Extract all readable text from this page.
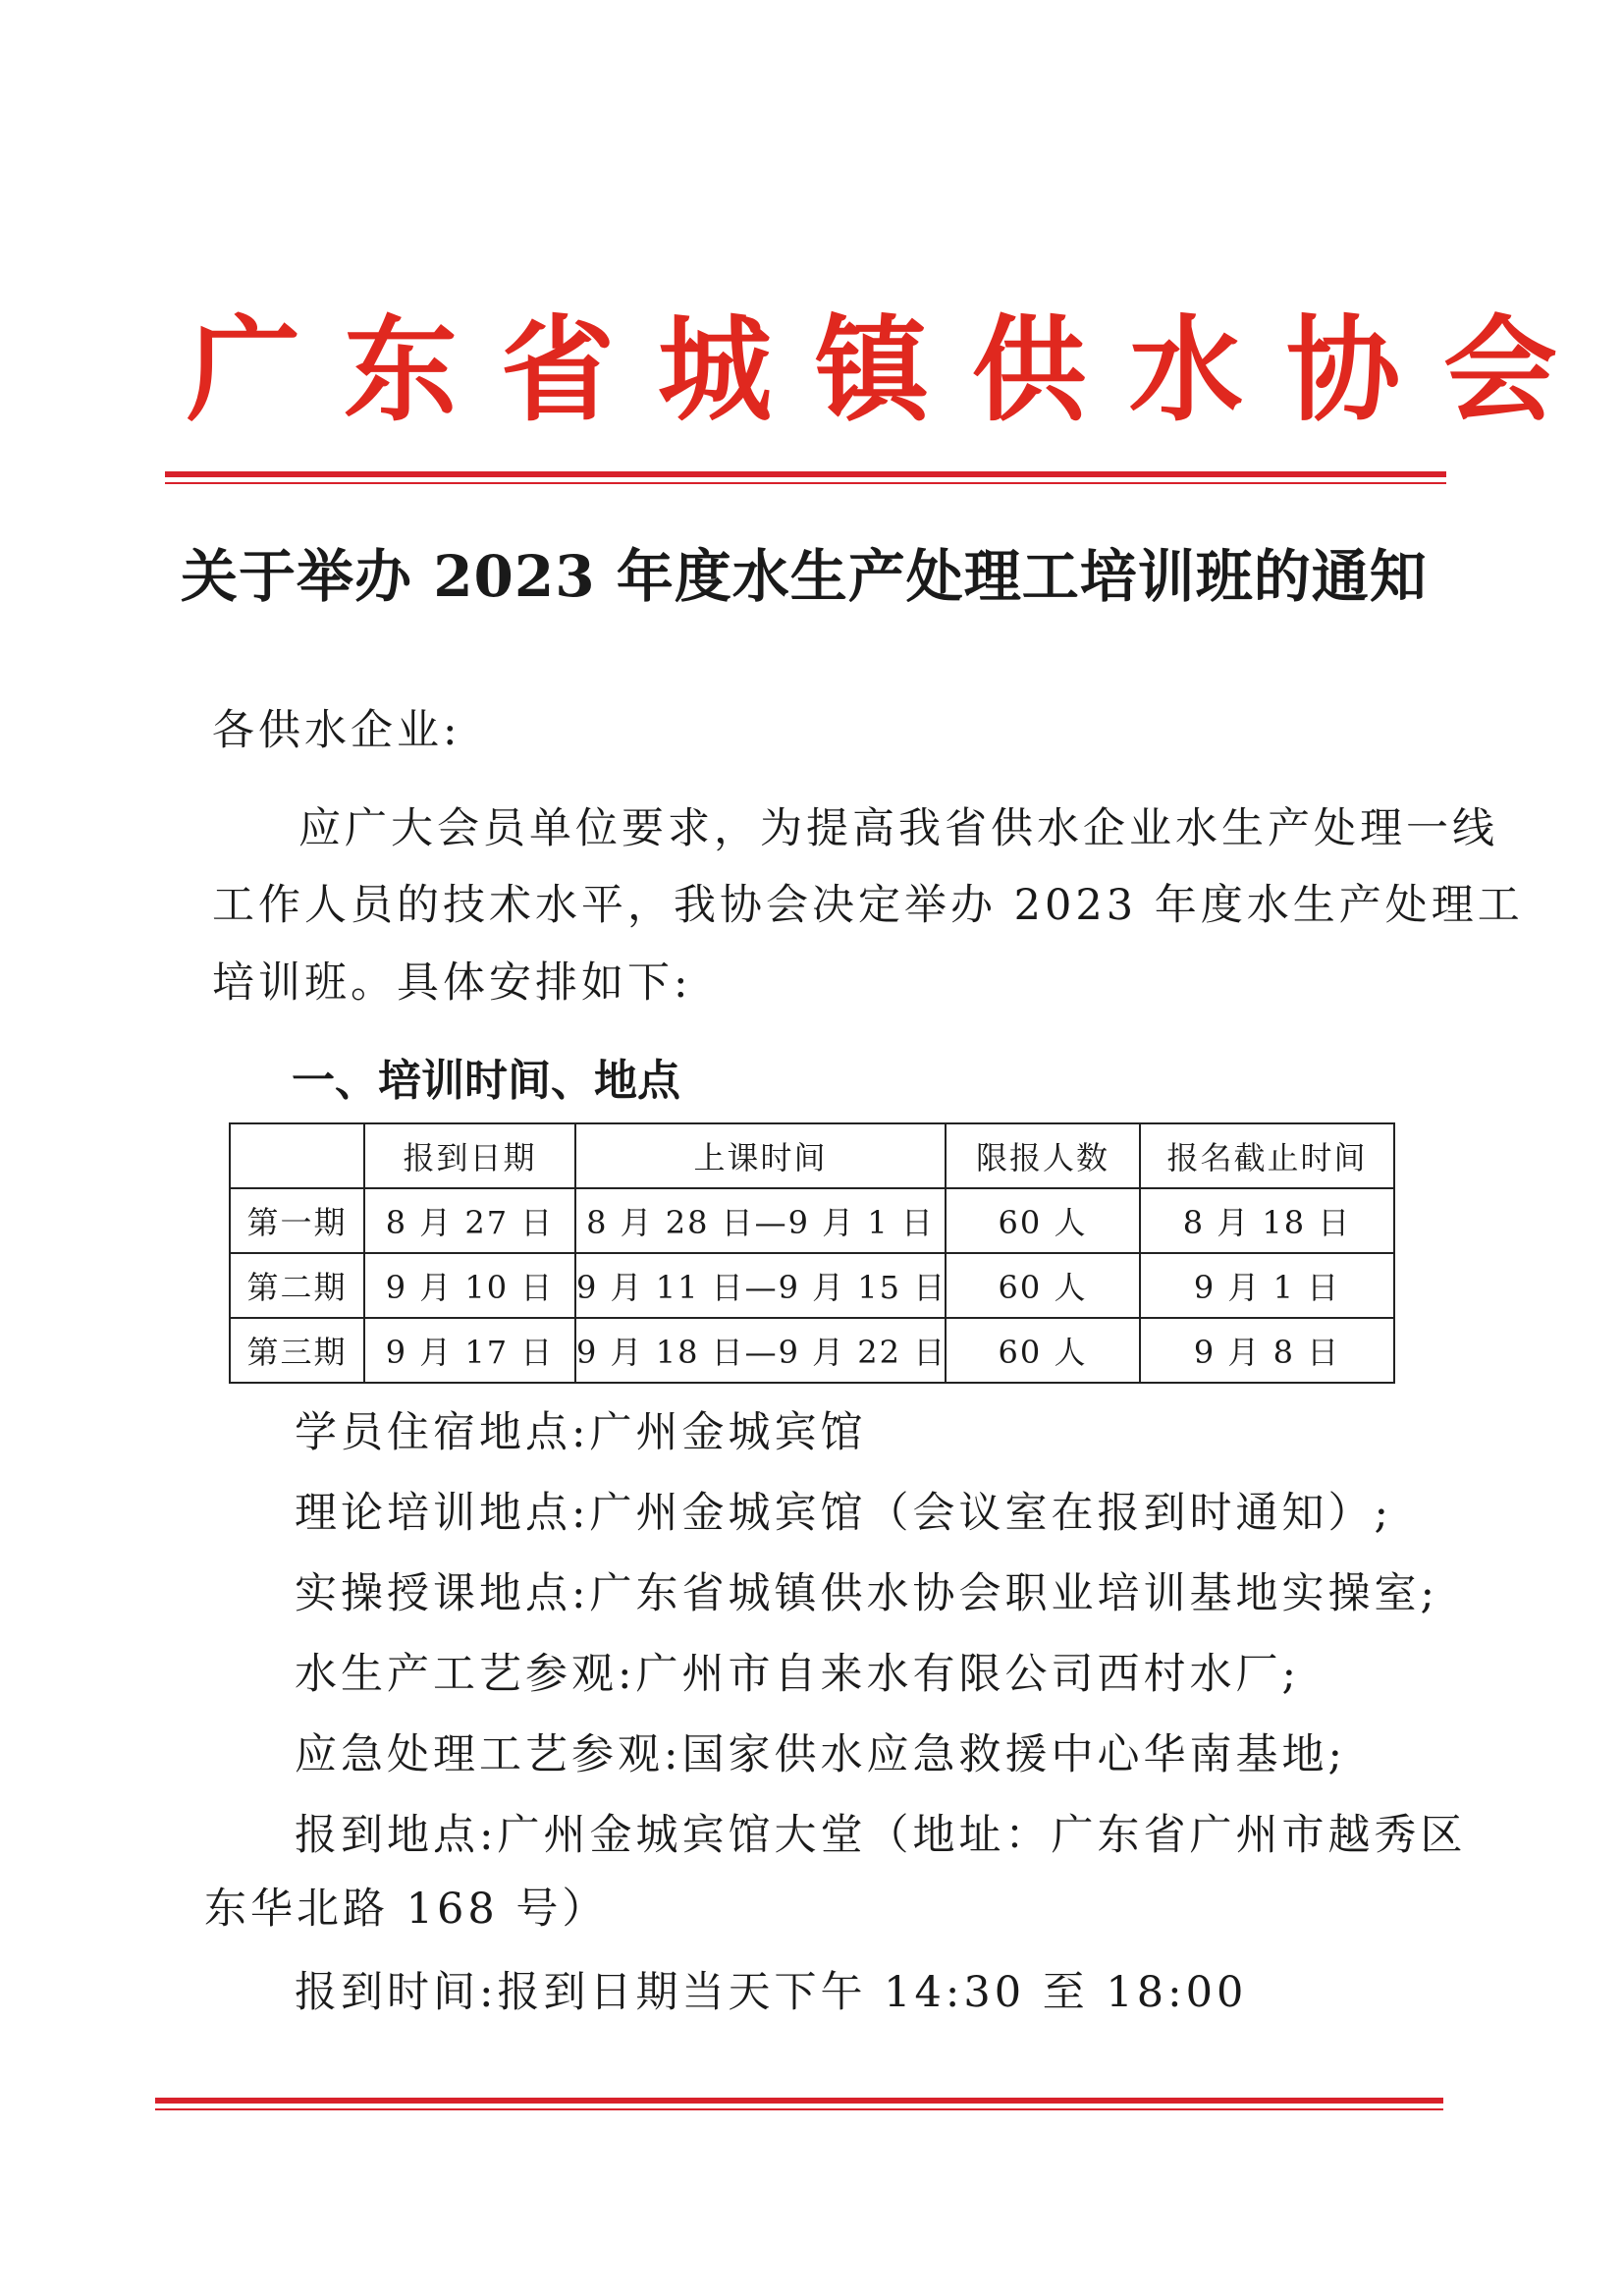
广东省城镇供水协会
关于举办 2023 年度水生产处理工培训班的通知
各供水企业:
应广大会员单位要求，为提高我省供水企业水生产处理一线
工作人员的技术水平，我协会决定举办 2023 年度水生产处理工
培训班。具体安排如下:
一、培训时间、地点
	报到日期	上课时间	限报人数	报名截止时间
第一期	8 月 27 日	8 月 28 日—9 月 1 日	60 人	8 月 18 日
第二期	9 月 10 日	9 月 11 日—9 月 15 日	60 人	9 月 1 日
第三期	9 月 17 日	9 月 18 日—9 月 22 日	60 人	9 月 8 日
学员住宿地点:广州金城宾馆
理论培训地点:广州金城宾馆（会议室在报到时通知）;
实操授课地点:广东省城镇供水协会职业培训基地实操室;
水生产工艺参观:广州市自来水有限公司西村水厂;
应急处理工艺参观:国家供水应急救援中心华南基地;
报到地点:广州金城宾馆大堂（地址：广东省广州市越秀区
东华北路 168 号）
报到时间:报到日期当天下午 14:30 至 18:00
